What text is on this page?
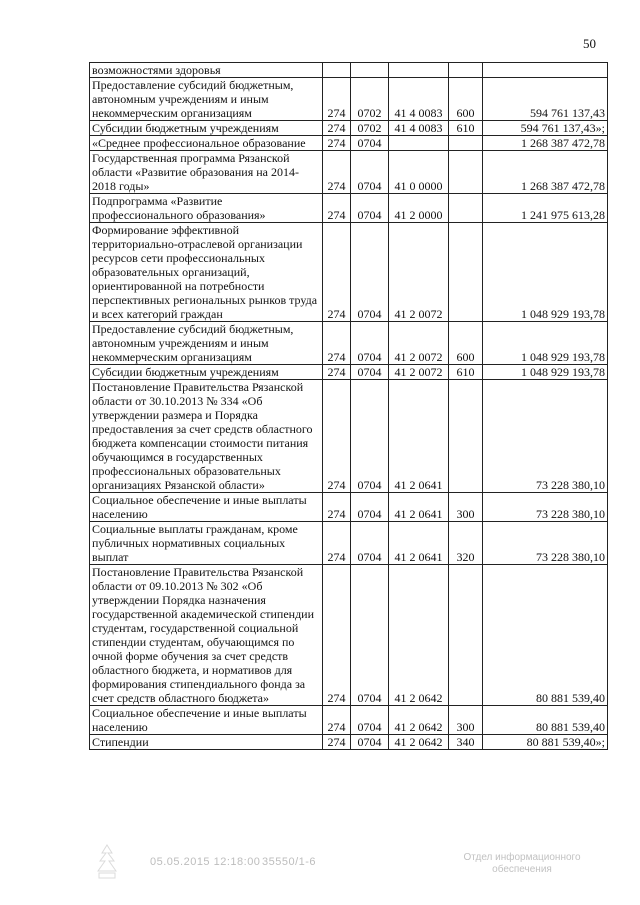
50
возможностями здоровья					
Предоставление субсидий бюджетным, автономным учреждениям и иным некоммерческим организациям	274	0702	41 4 0083	600	594 761 137,43
Субсидии бюджетным учреждениям	274	0702	41 4 0083	610	594 761 137,43»;
«Среднее профессиональное образование	274	0704			1 268 387 472,78
Государственная программа Рязанской области «Развитие образования на 2014-2018 годы»	274	0704	41 0 0000		1 268 387 472,78
Подпрограмма «Развитие профессионального образования»	274	0704	41 2 0000		1 241 975 613,28
Формирование эффективной территориально-отраслевой организации ресурсов сети профессиональных образовательных организаций, ориентированной на потребности перспективных региональных рынков труда и всех категорий граждан	274	0704	41 2 0072		1 048 929 193,78
Предоставление субсидий бюджетным, автономным учреждениям и иным некоммерческим организациям	274	0704	41 2 0072	600	1 048 929 193,78
Субсидии бюджетным учреждениям	274	0704	41 2 0072	610	1 048 929 193,78
Постановление Правительства Рязанской области от 30.10.2013 № 334 «Об утверждении размера и Порядка предоставления за счет средств областного бюджета компенсации стоимости питания обучающимся в государственных профессиональных образовательных организациях Рязанской области»	274	0704	41 2 0641		73 228 380,10
Социальное обеспечение и иные выплаты населению	274	0704	41 2 0641	300	73 228 380,10
Социальные выплаты гражданам, кроме публичных нормативных социальных выплат	274	0704	41 2 0641	320	73 228 380,10
Постановление Правительства Рязанской области от 09.10.2013 № 302 «Об утверждении Порядка назначения государственной академической стипендии студентам, государственной социальной стипендии студентам, обучающимся по очной форме обучения за счет средств областного бюджета, и нормативов для формирования стипендиального фонда за счет средств областного бюджета»	274	0704	41 2 0642		80 881 539,40
Социальное обеспечение и иные выплаты населению	274	0704	41 2 0642	300	80 881 539,40
Стипендии	274	0704	41 2 0642	340	80 881 539,40»;
05.05.2015 12:18:00 35550/1-6	Отдел информационного обеспечения
